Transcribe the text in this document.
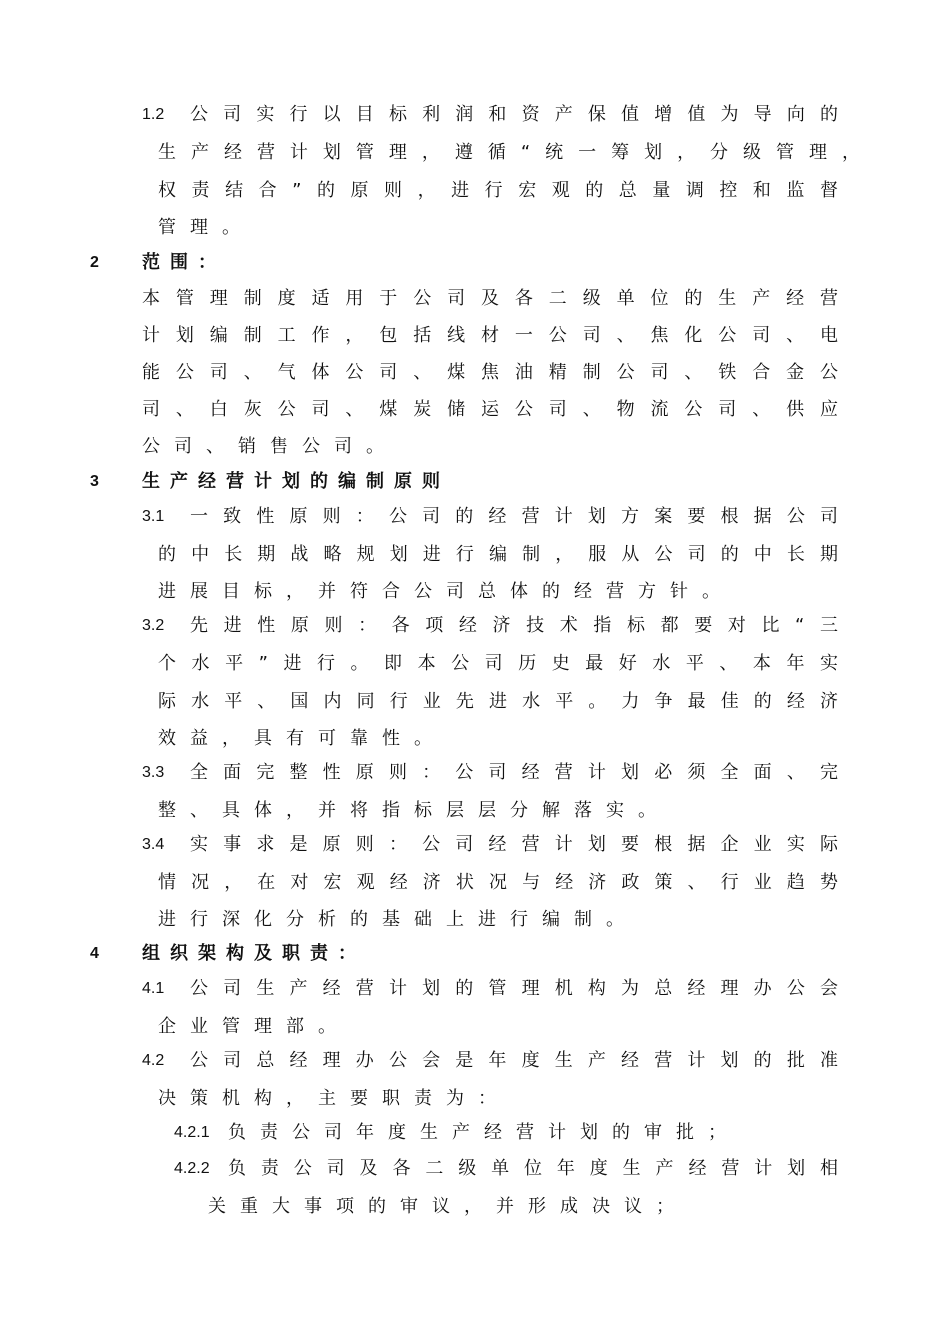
1.2 公司实行以目标利润和资产保值增值为导向的
生产经营计划管理，遵循“统一筹划，分级管理，
权责结合”的原则，进行宏观的总量调控和监督
管理。
2 范围：
本管理制度适用于公司及各二级单位的生产经营
计划编制工作，包括线材一公司、焦化公司、电
能公司、气体公司、煤焦油精制公司、铁合金公
司、白灰公司、煤炭储运公司、物流公司、供应
公司、销售公司。
3 生产经营计划的编制原则
3.1 一致性原则：公司的经营计划方案要根据公司
的中长期战略规划进行编制，服从公司的中长期
进展目标，并符合公司总体的经营方针。
3.2 先进性原则：各项经济技术指标都要对比“三
个水平”进行。即本公司历史最好水平、本年实
际水平、国内同行业先进水平。力争最佳的经济
效益，具有可靠性。
3.3 全面完整性原则：公司经营计划必须全面、完
整、具体，并将指标层层分解落实。
3.4 实事求是原则：公司经营计划要根据企业实际
情况，在对宏观经济状况与经济政策、行业趋势
进行深化分析的基础上进行编制。
4 组织架构及职责：
4.1 公司生产经营计划的管理机构为总经理办公会
企业管理部。
4.2 公司总经理办公会是年度生产经营计划的批准
决策机构，主要职责为：
4.2.1 负责公司年度生产经营计划的审批；
4.2.2 负责公司及各二级单位年度生产经营计划相
关重大事项的审议，并形成决议；
